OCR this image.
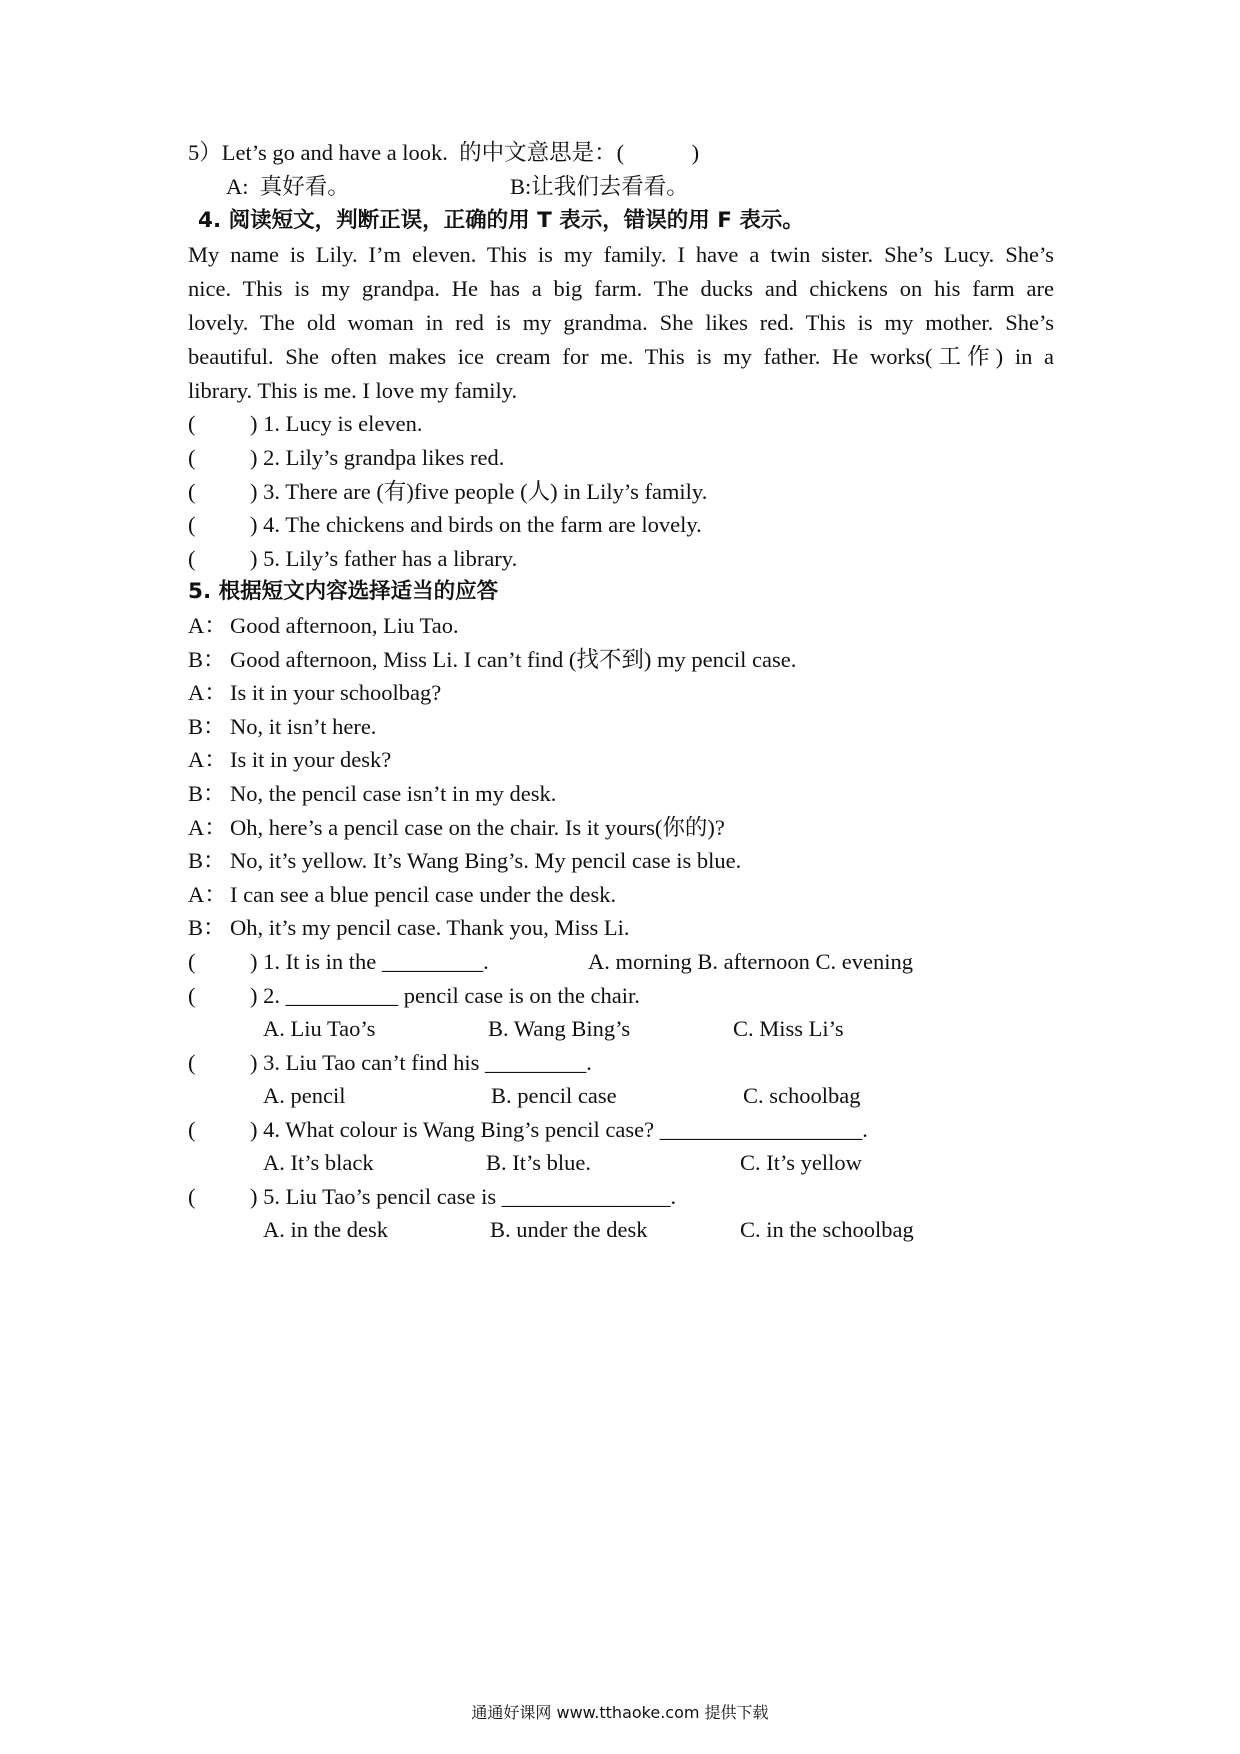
5）Let’s go and have a look.  的中文意思是：(            )
A:  真好看。	B:让我们去看看。
4. 阅读短文，判断正误，正确的用 T 表示，错误的用 F 表示。
My name is Lily. I’m eleven. This is my family. I have a twin sister. She’s Lucy. She’s
nice. This is my grandpa. He has a big farm. The ducks and chickens on his farm are
lovely. The old woman in red is my grandma. She likes red. This is my mother. She’s
beautiful. She often makes ice cream for me. This is my father. He works(工作) in a
library. This is me. I love my family.
( ) 1. Lucy is eleven.
( ) 2. Lily’s grandpa likes red.
( ) 3. There are (有)five people (人) in Lily’s family.
( ) 4. The chickens and birds on the farm are lovely.
( ) 5. Lily’s father has a library.
5. 根据短文内容选择适当的应答
A： Good afternoon, Liu Tao.
B： Good afternoon, Miss Li. I can’t find (找不到) my pencil case.
A： Is it in your schoolbag?
B： No, it isn’t here.
A： Is it in your desk?
B： No, the pencil case isn’t in my desk.
A： Oh, here’s a pencil case on the chair. Is it yours(你的)?
B： No, it’s yellow. It’s Wang Bing’s. My pencil case is blue.
A： I can see a blue pencil case under the desk.
B： Oh, it’s my pencil case. Thank you, Miss Li.
( ) 1. It is in the _________.	A. morning B. afternoon C. evening
( ) 2. __________ pencil case is on the chair.
A. Liu Tao’s	B. Wang Bing’s	C. Miss Li’s
( ) 3. Liu Tao can’t find his _________.
A. pencil	B. pencil case	C. schoolbag
( ) 4. What colour is Wang Bing’s pencil case? __________________.
A. It’s black	B. It’s blue.	C. It’s yellow
( ) 5. Liu Tao’s pencil case is _______________.
A. in the desk	B. under the desk	C. in the schoolbag
通通好课网 www.tthaoke.com 提供下载
